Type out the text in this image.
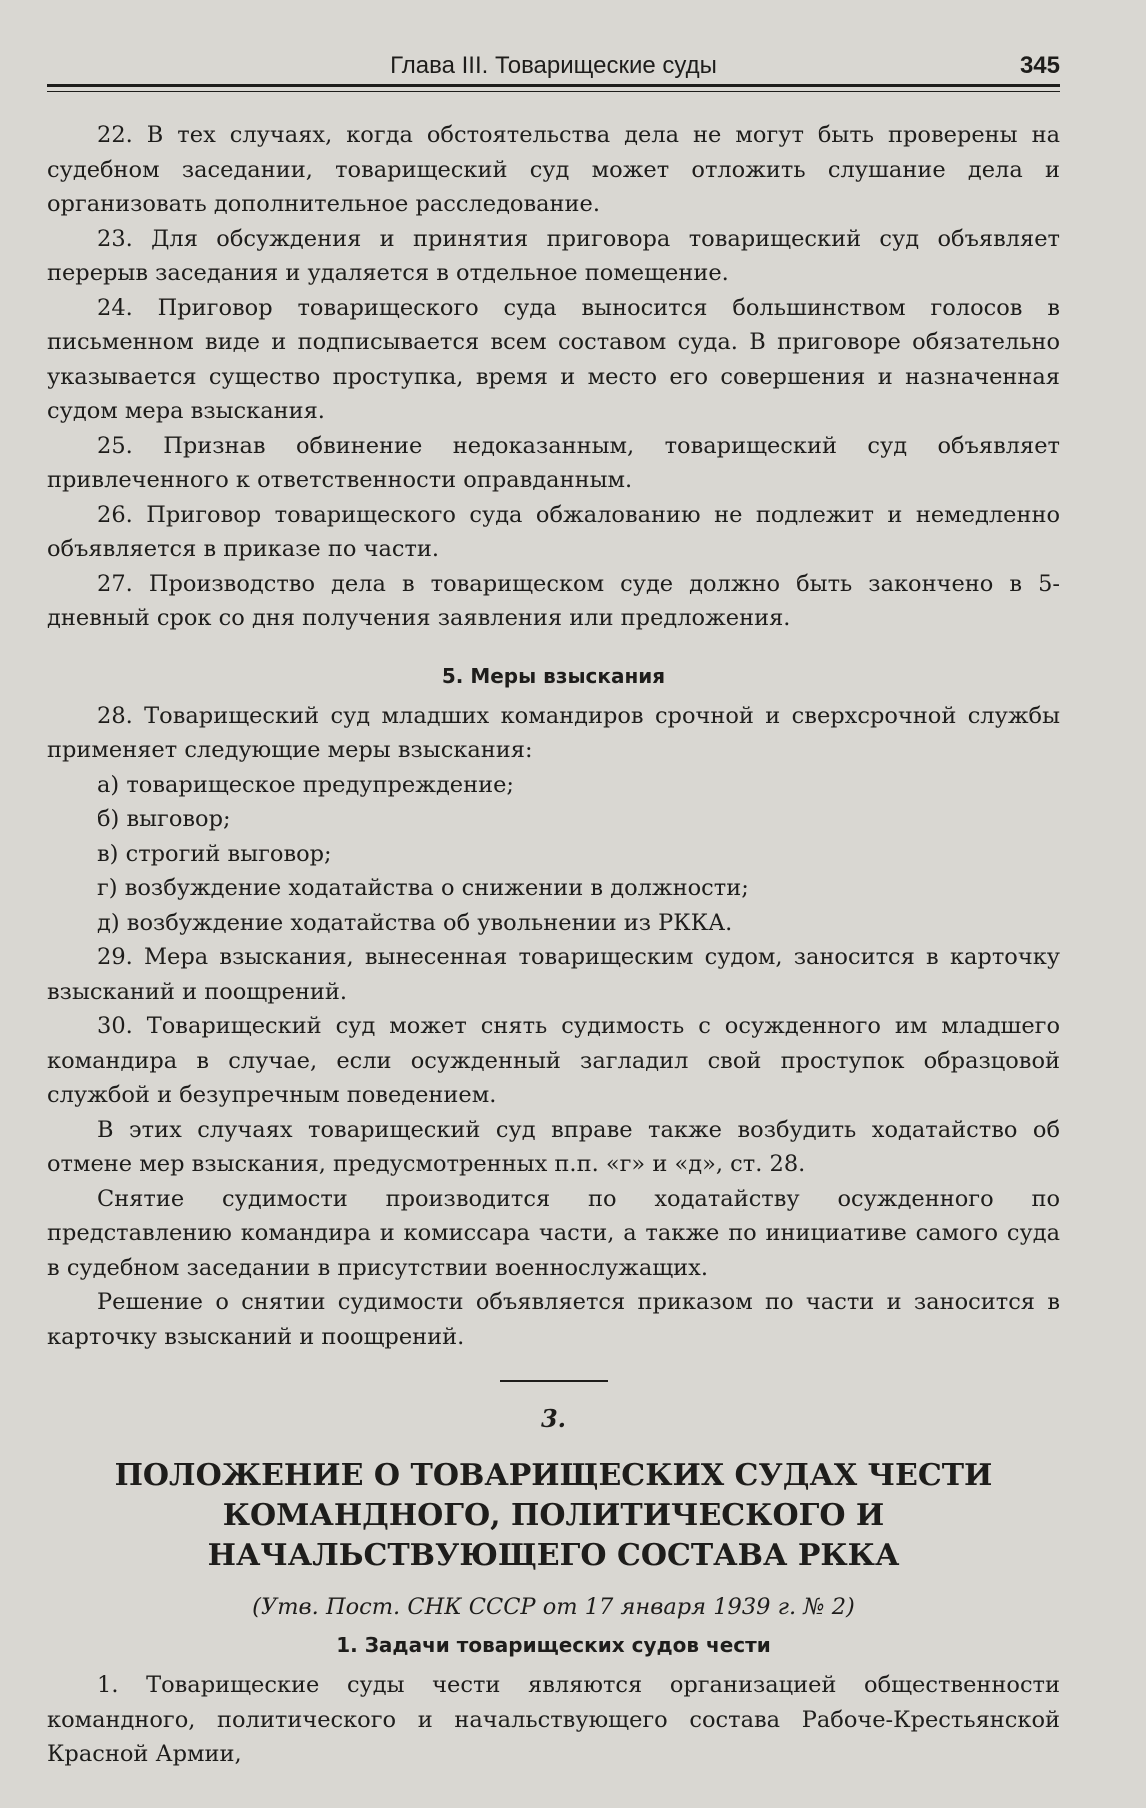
Глава III. Товарищеские суды	345

22. В тех случаях, когда обстоятельства дела не могут быть проверены на судебном заседании, товарищеский суд может отложить слушание дела и организовать дополнительное расследование.

23. Для обсуждения и принятия приговора товарищеский суд объявляет перерыв заседания и удаляется в отдельное помещение.

24. Приговор товарищеского суда выносится большинством голосов в письменном виде и подписывается всем составом суда. В приговоре обязательно указывается существо проступка, время и место его совершения и назначенная судом мера взыскания.

25. Признав обвинение недоказанным, товарищеский суд объявляет привлеченного к ответственности оправданным.

26. Приговор товарищеского суда обжалованию не подлежит и немедленно объявляется в приказе по части.

27. Производство дела в товарищеском суде должно быть закончено в 5-дневный срок со дня получения заявления или предложения.

5. Меры взыскания

28. Товарищеский суд младших командиров срочной и сверхсрочной службы применяет следующие меры взыскания:

а) товарищеское предупреждение;

б) выговор;

в) строгий выговор;

г) возбуждение ходатайства о снижении в должности;

д) возбуждение ходатайства об увольнении из РККА.

29. Мера взыскания, вынесенная товарищеским судом, заносится в карточку взысканий и поощрений.

30. Товарищеский суд может снять судимость с осужденного им младшего командира в случае, если осужденный загладил свой проступок образцовой службой и безупречным поведением.

В этих случаях товарищеский суд вправе также возбудить ходатайство об отмене мер взыскания, предусмотренных п.п. «г» и «д», ст. 28.

Снятие судимости производится по ходатайству осужденного по представлению командира и комиссара части, а также по инициативе самого суда в судебном заседании в присутствии военнослужащих.

Решение о снятии судимости объявляется приказом по части и заносится в карточку взысканий и поощрений.

3.
ПОЛОЖЕНИЕ О ТОВАРИЩЕСКИХ СУДАХ ЧЕСТИ КОМАНДНОГО, ПОЛИТИЧЕСКОГО И НАЧАЛЬСТВУЮЩЕГО СОСТАВА РККА
(Утв. Пост. СНК СССР от 17 января 1939 г. № 2)
1. Задачи товарищеских судов чести

1. Товарищеские суды чести являются организацией общественности командного, политического и начальствующего состава Рабоче-Крестьянской Красной Армии,
